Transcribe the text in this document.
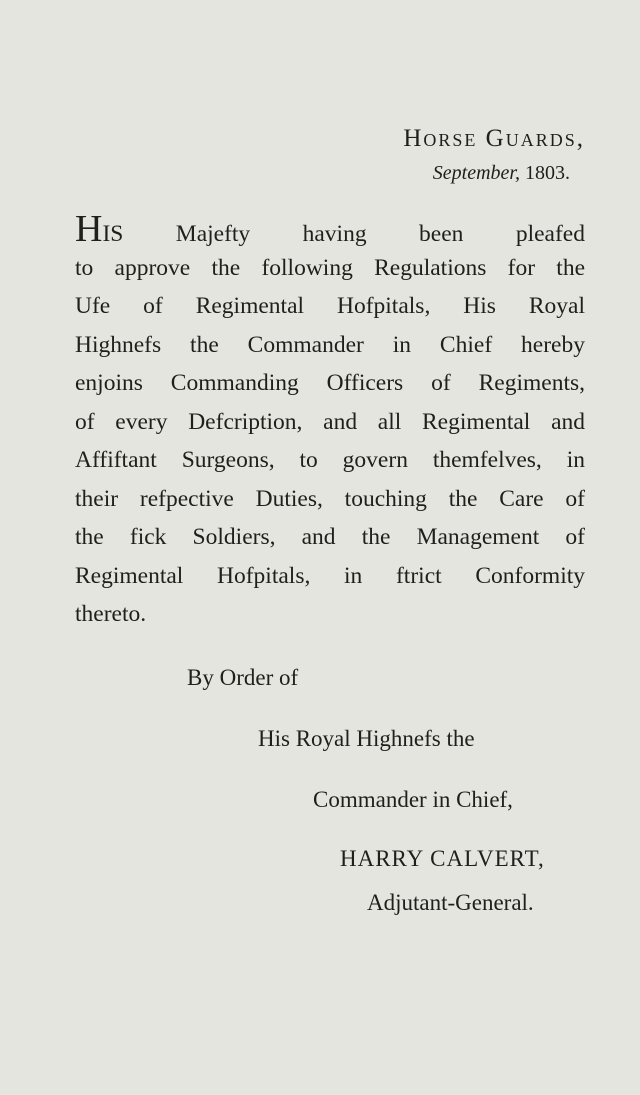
Horse Guards,
September, 1803.
HIS Majefty having been pleafed
to approve the following Regulations for the
Ufe of Regimental Hofpitals, His Royal
Highnefs the Commander in Chief hereby
enjoins Commanding Officers of Regiments,
of every Defcription, and all Regimental and
Affiftant Surgeons, to govern themfelves, in
their refpective Duties, touching the Care of
the fick Soldiers, and the Management of
Regimental Hofpitals, in ftrict Conformity
thereto.
By Order of
His Royal Highnefs the
Commander in Chief,
HARRY CALVERT,
Adjutant-General.
